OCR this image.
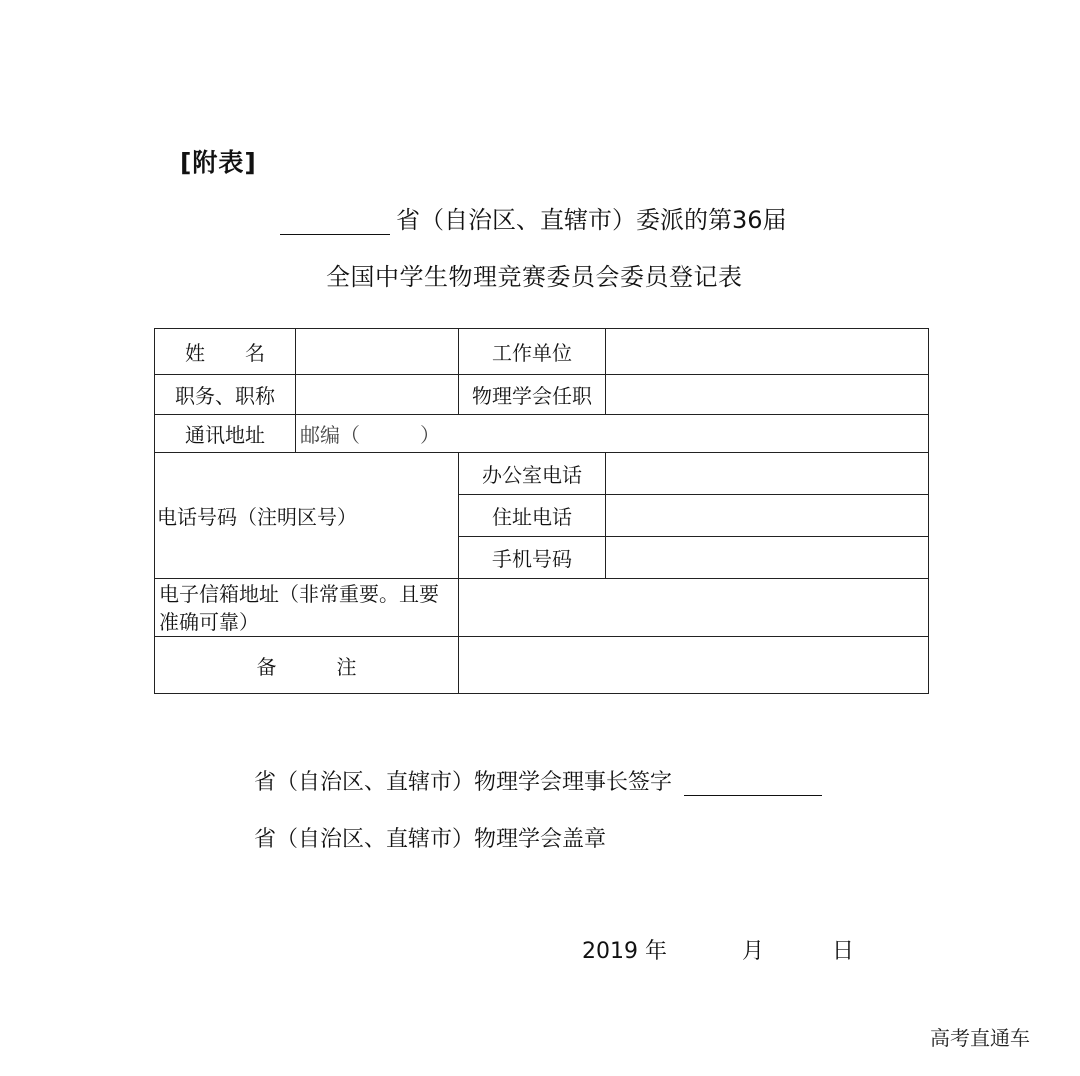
[附表]
省（自治区、直辖市）委派的第36届
全国中学生物理竞赛委员会委员登记表
姓　　名		工作单位	
职务、职称		物理学会任职	
通讯地址	邮编（　　　）		
电话号码（注明区号）		办公室电话	
		住址电话	
		手机号码	

电子信箱地址（非常重要。且要
准确可靠）			

备　　　注			
省（自治区、直辖市）物理学会理事长签字
省（自治区、直辖市）物理学会盖章
2019 年	月	日
高考直通车
